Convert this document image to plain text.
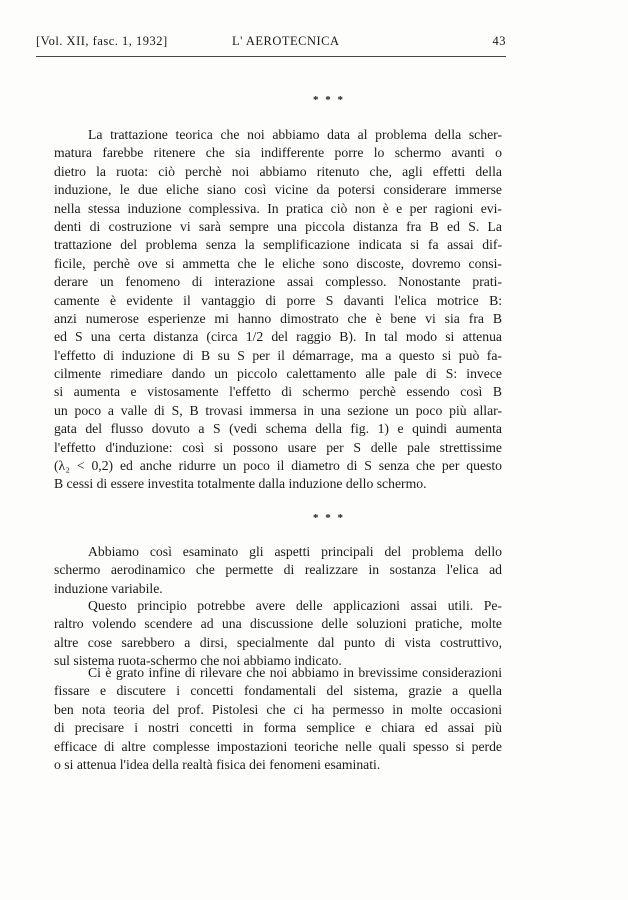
[Vol. XII, fasc. 1, 1932]	L' AEROTECNICA	43
* * *
La trattazione teorica che noi abbiamo data al problema della scher-
matura farebbe ritenere che sia indifferente porre lo schermo avanti o
dietro la ruota: ciò perchè noi abbiamo ritenuto che, agli effetti della
induzione, le due eliche siano così vicine da potersi considerare immerse
nella stessa induzione complessiva. In pratica ciò non è e per ragioni evi-
denti di costruzione vi sarà sempre una piccola distanza fra B ed S. La
trattazione del problema senza la semplificazione indicata si fa assai dif-
ficile, perchè ove si ammetta che le eliche sono discoste, dovremo consi-
derare un fenomeno di interazione assai complesso. Nonostante prati-
camente è evidente il vantaggio di porre S davanti l'elica motrice B:
anzi numerose esperienze mi hanno dimostrato che è bene vi sia fra B
ed S una certa distanza (circa 1/2 del raggio B). In tal modo si attenua
l'effetto di induzione di B su S per il démarrage, ma a questo si può fa-
cilmente rimediare dando un piccolo calettamento alle pale di S: invece
si aumenta e vistosamente l'effetto di schermo perchè essendo così B
un poco a valle di S, B trovasi immersa in una sezione un poco più allar-
gata del flusso dovuto a S (vedi schema della fig. 1) e quindi aumenta
l'effetto d'induzione: così si possono usare per S delle pale strettissime
(λ₂ < 0,2) ed anche ridurre un poco il diametro di S senza che per questo
B cessi di essere investita totalmente dalla induzione dello schermo.
* * *
Abbiamo così esaminato gli aspetti principali del problema dello
schermo aerodinamico che permette di realizzare in sostanza l'elica ad
induzione variabile.
Questo principio potrebbe avere delle applicazioni assai utili. Pe-
raltro volendo scendere ad una discussione delle soluzioni pratiche, molte
altre cose sarebbero a dirsi, specialmente dal punto di vista costruttivo,
sul sistema ruota-schermo che noi abbiamo indicato.
Ci è grato infine di rilevare che noi abbiamo in brevissime considerazioni
fissare e discutere i concetti fondamentali del sistema, grazie a quella
ben nota teoria del prof. Pistolesi che ci ha permesso in molte occasioni
di precisare i nostri concetti in forma semplice e chiara ed assai più
efficace di altre complesse impostazioni teoriche nelle quali spesso si perde
o si attenua l'idea della realtà fisica dei fenomeni esaminati.
